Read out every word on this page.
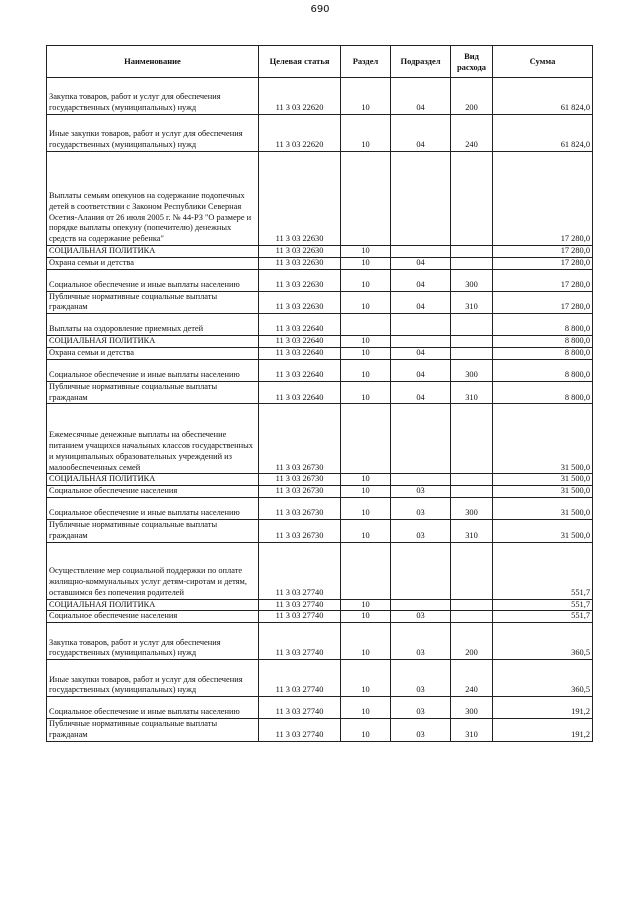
690
Наименование	Целевая статья	Раздел	Подраздел	Вид расхода	Сумма
Закупка товаров, работ и услуг для обеспечения государственных (муниципальных) нужд	11 3 03 22620	10	04	200	61 824,0
Иные закупки товаров, работ и услуг для обеспечения государственных (муниципальных) нужд	11 3 03 22620	10	04	240	61 824,0
Выплаты семьям опекунов на содержание подопечных детей в соответствии с Законом Республики Северная Осетия-Алания от 26 июля 2005 г. № 44-РЗ "О размере и порядке выплаты опекуну (попечителю) денежных средств на содержание ребенка"	11 3 03 22630				17 280,0
СОЦИАЛЬНАЯ ПОЛИТИКА	11 3 03 22630	10			17 280,0
Охрана семьи и детства	11 3 03 22630	10	04		17 280,0
Социальное обеспечение и иные выплаты населению	11 3 03 22630	10	04	300	17 280,0
Публичные нормативные социальные выплаты гражданам	11 3 03 22630	10	04	310	17 280,0
Выплаты на оздоровление приемных детей	11 3 03 22640				8 800,0
СОЦИАЛЬНАЯ ПОЛИТИКА	11 3 03 22640	10			8 800,0
Охрана семьи и детства	11 3 03 22640	10	04		8 800,0
Социальное обеспечение и иные выплаты населению	11 3 03 22640	10	04	300	8 800,0
Публичные нормативные социальные выплаты гражданам	11 3 03 22640	10	04	310	8 800,0
Ежемесячные денежные выплаты на обеспечение питанием учащихся начальных классов государственных и муниципальных образовательных учреждений из малообеспеченных семей	11 3 03 26730				31 500,0
СОЦИАЛЬНАЯ ПОЛИТИКА	11 3 03 26730	10			31 500,0
Социальное обеспечение населения	11 3 03 26730	10	03		31 500,0
Социальное обеспечение и иные выплаты населению	11 3 03 26730	10	03	300	31 500,0
Публичные нормативные социальные выплаты гражданам	11 3 03 26730	10	03	310	31 500,0
Осуществление мер социальной поддержки по оплате жилищно-коммунальных услуг детям-сиротам и детям, оставшимся без попечения родителей	11 3 03 27740				551,7
СОЦИАЛЬНАЯ ПОЛИТИКА	11 3 03 27740	10			551,7
Социальное обеспечение населения	11 3 03 27740	10	03		551,7
Закупка товаров, работ и услуг для обеспечения государственных (муниципальных) нужд	11 3 03 27740	10	03	200	360,5
Иные закупки товаров, работ и услуг для обеспечения государственных (муниципальных) нужд	11 3 03 27740	10	03	240	360,5
Социальное обеспечение и иные выплаты населению	11 3 03 27740	10	03	300	191,2
Публичные нормативные социальные выплаты гражданам	11 3 03 27740	10	03	310	191,2
